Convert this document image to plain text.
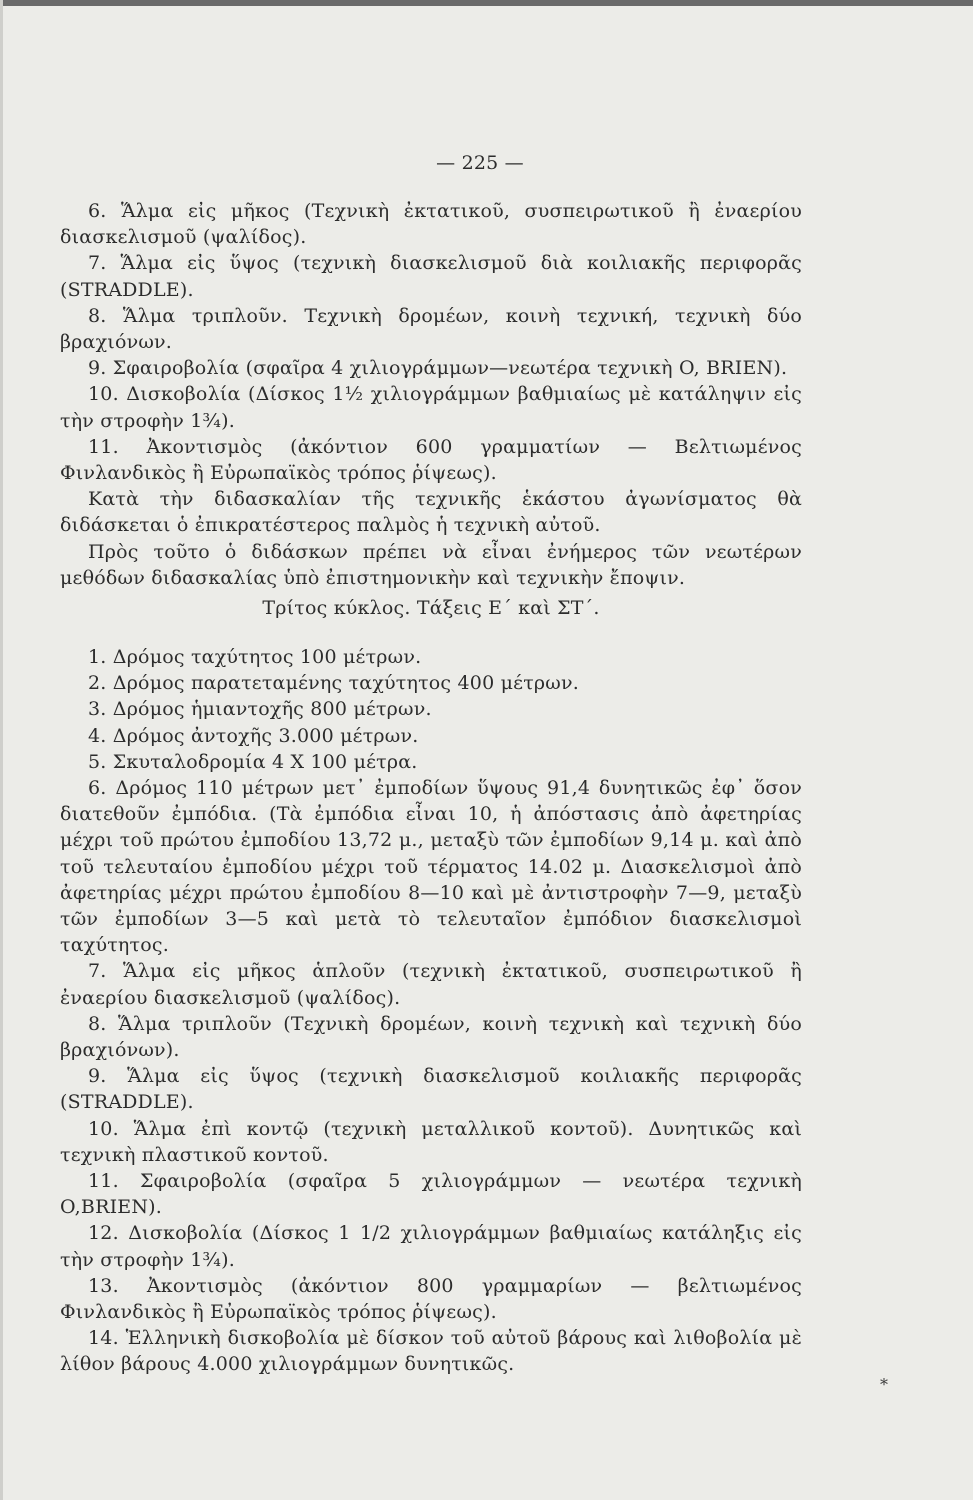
— 225 —

6. Ἅλμα εἰς μῆκος (Τεχνικὴ ἐκτατικοῦ, συσπειρωτικοῦ ἢ ἐναερίου διασκελισμοῦ (ψαλίδος).

7. Ἅλμα εἰς ὕψος (τεχνικὴ διασκελισμοῦ διὰ κοιλιακῆς περιφορᾶς (STRADDLE).

8. Ἅλμα τριπλοῦν. Τεχνικὴ δρομέων, κοινὴ τεχνική, τεχνικὴ δύο βραχιόνων.

9. Σφαιροβολία (σφαῖρα 4 χιλιογράμμων—νεωτέρα τεχνικὴ O, BRIEN).

10. Δισκοβολία (Δίσκος 1½ χιλιογράμμων βαθμιαίως μὲ κατάληψιν εἰς τὴν στροφὴν 1¾).

11. Ἀκοντισμὸς (ἀκόντιον 600 γραμματίων — Βελτιωμένος Φινλανδικὸς ἢ Εὐρωπαϊκὸς τρόπος ῥίψεως).

Κατὰ τὴν διδασκαλίαν τῆς τεχνικῆς ἑκάστου ἀγωνίσματος θὰ διδάσκεται ὁ ἐπικρατέστερος παλμὸς ἡ τεχνικὴ αὐτοῦ.

Πρὸς τοῦτο ὁ διδάσκων πρέπει νὰ εἶναι ἐνήμερος τῶν νεωτέρων μεθόδων διδασκαλίας ὑπὸ ἐπιστημονικὴν καὶ τεχνικὴν ἔποψιν.

Τρίτος κύκλος. Τάξεις Ε΄ καὶ ΣΤ΄.

1. Δρόμος ταχύτητος 100 μέτρων.

2. Δρόμος παρατεταμένης ταχύτητος 400 μέτρων.

3. Δρόμος ἡμιαντοχῆς 800 μέτρων.

4. Δρόμος ἀντοχῆς 3.000 μέτρων.

5. Σκυταλοδρομία 4 Χ 100 μέτρα.

6. Δρόμος 110 μέτρων μετ᾽ ἐμποδίων ὕψους 91,4 δυνητικῶς ἐφ᾽ ὅσον διατεθοῦν ἐμπόδια. (Τὰ ἐμπόδια εἶναι 10, ἡ ἀπόστασις ἀπὸ ἀφετηρίας μέχρι τοῦ πρώτου ἐμποδίου 13,72 μ., μεταξὺ τῶν ἐμποδίων 9,14 μ. καὶ ἀπὸ τοῦ τελευταίου ἐμποδίου μέχρι τοῦ τέρματος 14.02 μ. Διασκελισμοὶ ἀπὸ ἀφετηρίας μέχρι πρώτου ἐμποδίου 8—10 καὶ μὲ ἀντιστροφὴν 7—9, μεταξὺ τῶν ἐμποδίων 3—5 καὶ μετὰ τὸ τελευταῖον ἐμπόδιον διασκελισμοὶ ταχύτητος.

7. Ἅλμα εἰς μῆκος ἁπλοῦν (τεχνικὴ ἐκτατικοῦ, συσπειρωτικοῦ ἢ ἐναερίου διασκελισμοῦ (ψαλίδος).

8. Ἅλμα τριπλοῦν (Τεχνικὴ δρομέων, κοινὴ τεχνικὴ καὶ τεχνικὴ δύο βραχιόνων).

9. Ἅλμα εἰς ὕψος (τεχνικὴ διασκελισμοῦ κοιλιακῆς περιφορᾶς (STRADDLE).

10. Ἅλμα ἐπὶ κοντῷ (τεχνικὴ μεταλλικοῦ κοντοῦ). Δυνητικῶς καὶ τεχνικὴ πλαστικοῦ κοντοῦ.

11. Σφαιροβολία (σφαῖρα 5 χιλιογράμμων — νεωτέρα τεχνικὴ O,BRIEN).

12. Δισκοβολία (Δίσκος 1 1/2 χιλιογράμμων βαθμιαίως κατάληξις εἰς τὴν στροφὴν 1¾).

13. Ἀκοντισμὸς (ἀκόντιον 800 γραμμαρίων — βελτιωμένος Φινλανδικὸς ἢ Εὐρωπαϊκὸς τρόπος ῥίψεως).

14. Ἑλληνικὴ δισκοβολία μὲ δίσκον τοῦ αὐτοῦ βάρους καὶ λιθοβολία μὲ λίθον βάρους 4.000 χιλιογράμμων δυνητικῶς.

*
